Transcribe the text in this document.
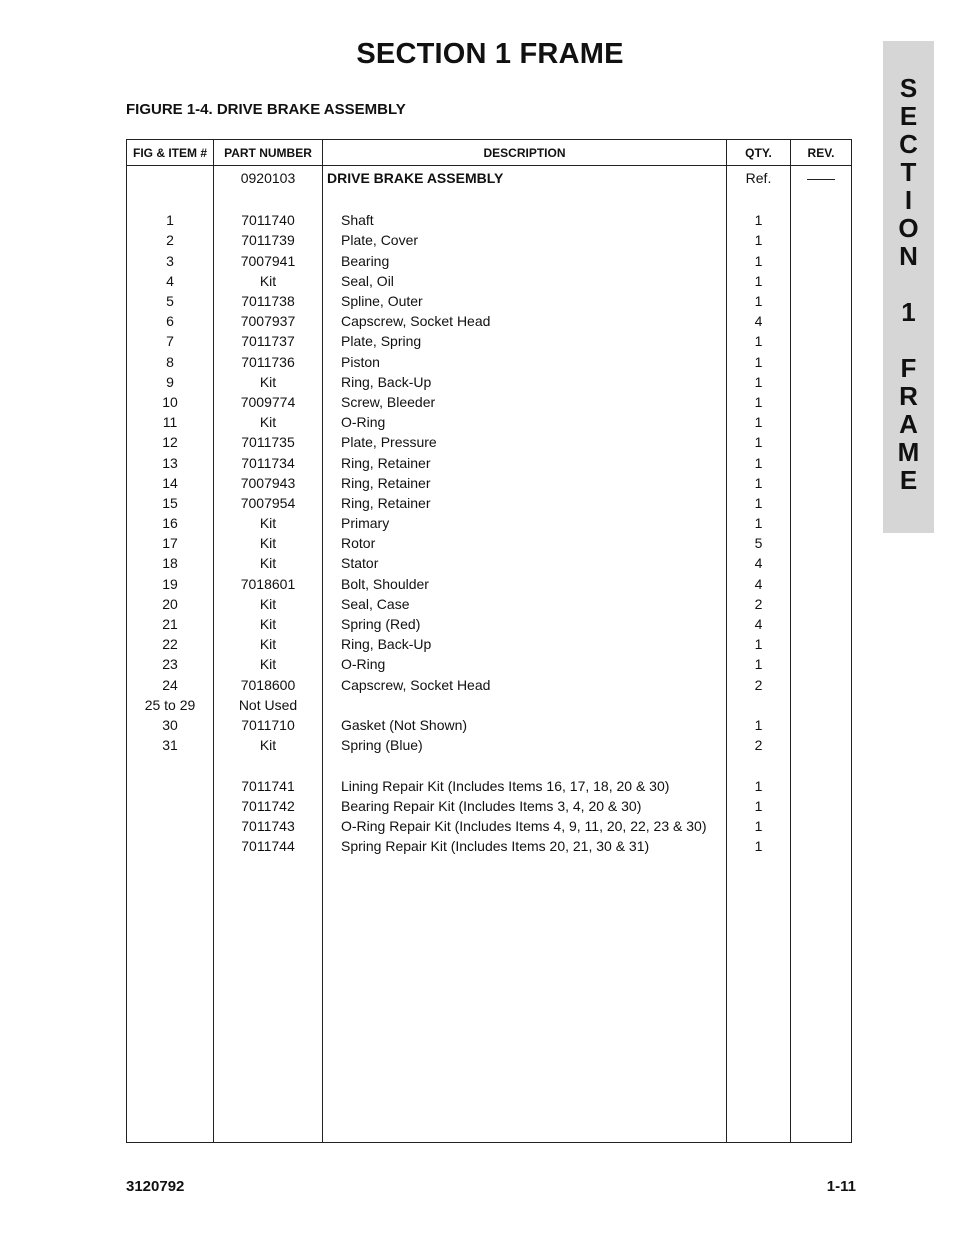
SECTION 1 FRAME
FIGURE 1-4. DRIVE BRAKE ASSEMBLY
S
E
C
T
I
O
N
1
F
R
A
M
E
FIG & ITEM #	PART NUMBER	DESCRIPTION	QTY.	REV.
	0920103	DRIVE BRAKE ASSEMBLY	Ref.	——

1	7011740	Shaft	1	
2	7011739	Plate, Cover	1	
3	7007941	Bearing	1	
4	Kit	Seal, Oil	1	
5	7011738	Spline, Outer	1	
6	7007937	Capscrew, Socket Head	4	
7	7011737	Plate, Spring	1	
8	7011736	Piston	1	
9	Kit	Ring, Back-Up	1	
10	7009774	Screw, Bleeder	1	
11	Kit	O-Ring	1	
12	7011735	Plate, Pressure	1	
13	7011734	Ring, Retainer	1	
14	7007943	Ring, Retainer	1	
15	7007954	Ring, Retainer	1	
16	Kit	Primary	1	
17	Kit	Rotor	5	
18	Kit	Stator	4	
19	7018601	Bolt, Shoulder	4	
20	Kit	Seal, Case	2	
21	Kit	Spring (Red)	4	
22	Kit	Ring, Back-Up	1	
23	Kit	O-Ring	1	
24	7018600	Capscrew, Socket Head	2	
25 to 29	Not Used			
30	7011710	Gasket (Not Shown)	1	
31	Kit	Spring (Blue)	2	

	7011741	Lining Repair Kit (Includes Items 16, 17, 18, 20 & 30)	1	
	7011742	Bearing Repair Kit (Includes Items 3, 4, 20 & 30)	1	
	7011743	O-Ring Repair Kit (Includes Items 4, 9, 11, 20, 22, 23 & 30)	1	
	7011744	Spring Repair Kit (Includes Items 20, 21, 30 & 31)	1	

3120792	1-11
